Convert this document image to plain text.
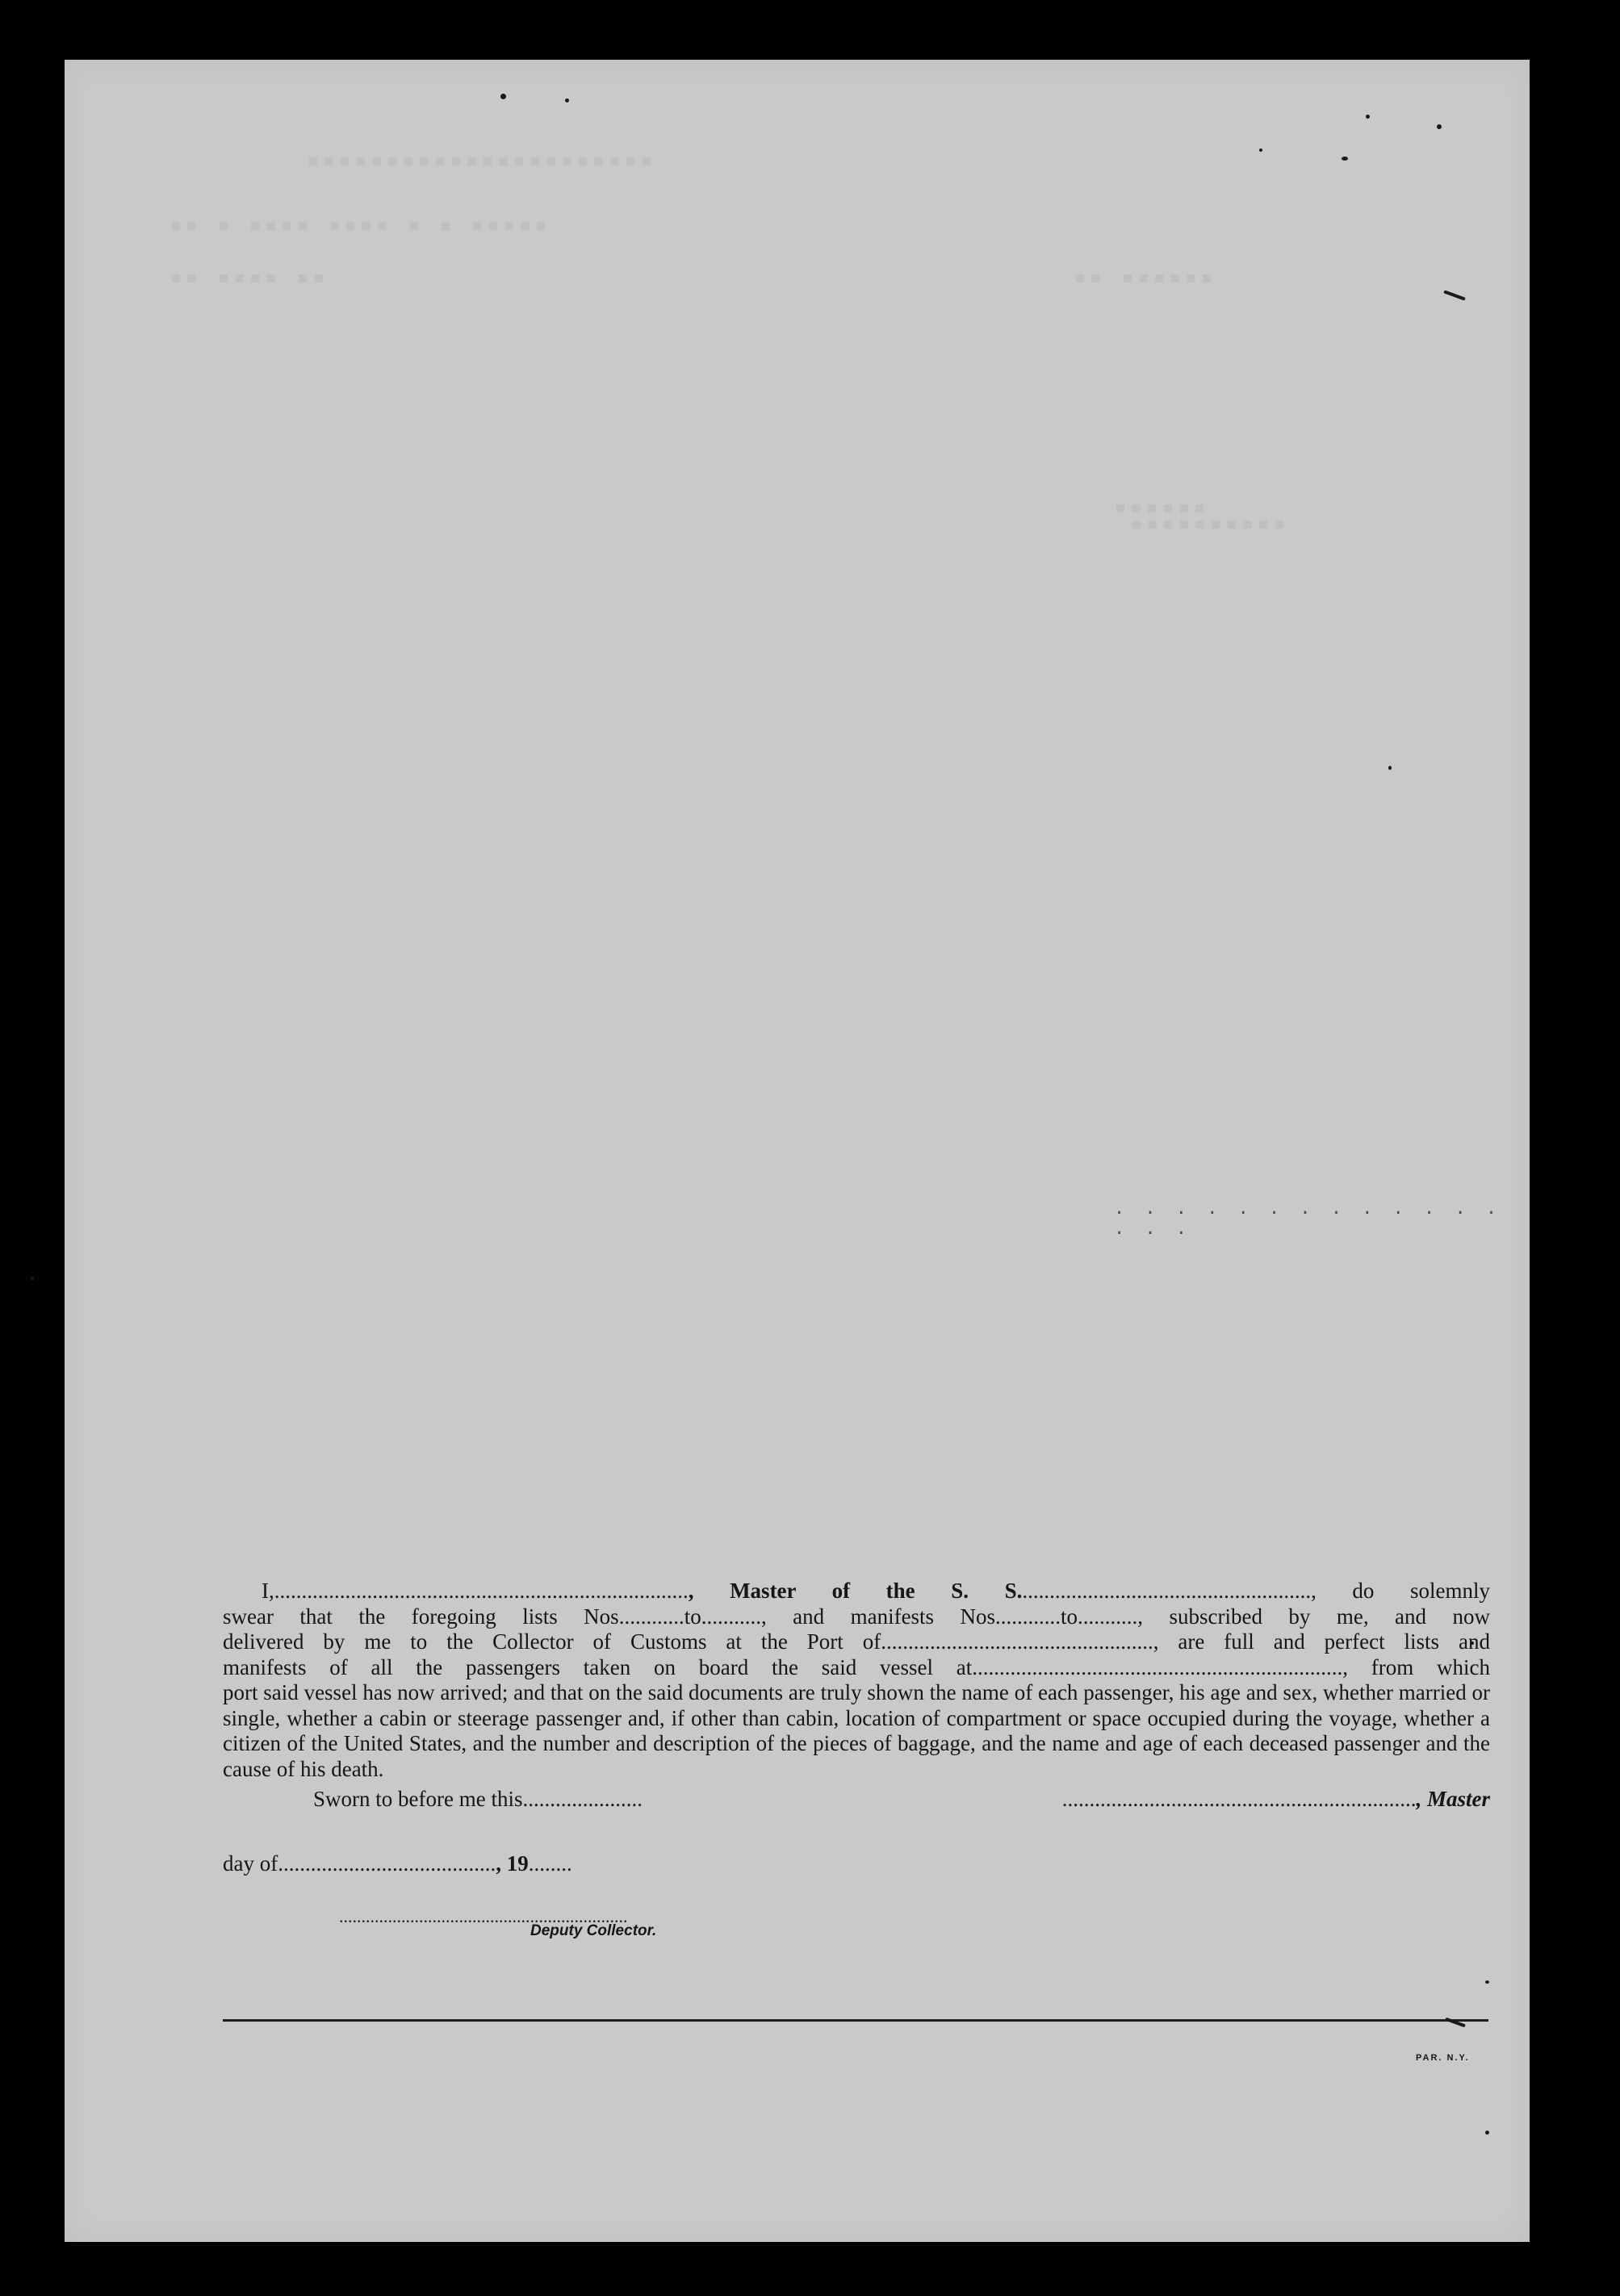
▪▪▪▪▪▪▪▪▪▪▪▪▪▪▪▪▪▪▪▪▪▪
▪▪ ▪ ▪▪▪▪ ▪▪▪▪ ▪ ▪ ▪▪▪▪▪
▪▪ ▪▪▪▪ ▪▪	▪▪ ▪▪▪▪▪▪
▪▪▪▪▪▪
▪▪▪▪▪▪▪▪▪▪
. . . . . . . . . . . . . . . .

I,............................................................................, Master of the S. S......................................................, do solemnly

swear that the foregoing lists Nos............to..........., and manifests Nos............to..........., subscribed by me, and now

delivered by me to the Collector of Customs at the Port of.................................................., are full and perfect lists and

manifests of all the passengers taken on board the said vessel at...................................................................., from which

port said vessel has now arrived; and that on the said documents are truly shown the name of each passenger, his age and sex, whether married or single, whether a cabin or steerage passenger and, if other than cabin, location of compartment or space occupied during the voyage, whether a citizen of the United States, and the number and description of the pieces of baggage, and the name and age of each deceased passenger and the cause of his death.

Sworn to before me this......................	................................................................., Master
day of........................................, 19........
.................................................................
Deputy Collector.
PAR. N.Y.
